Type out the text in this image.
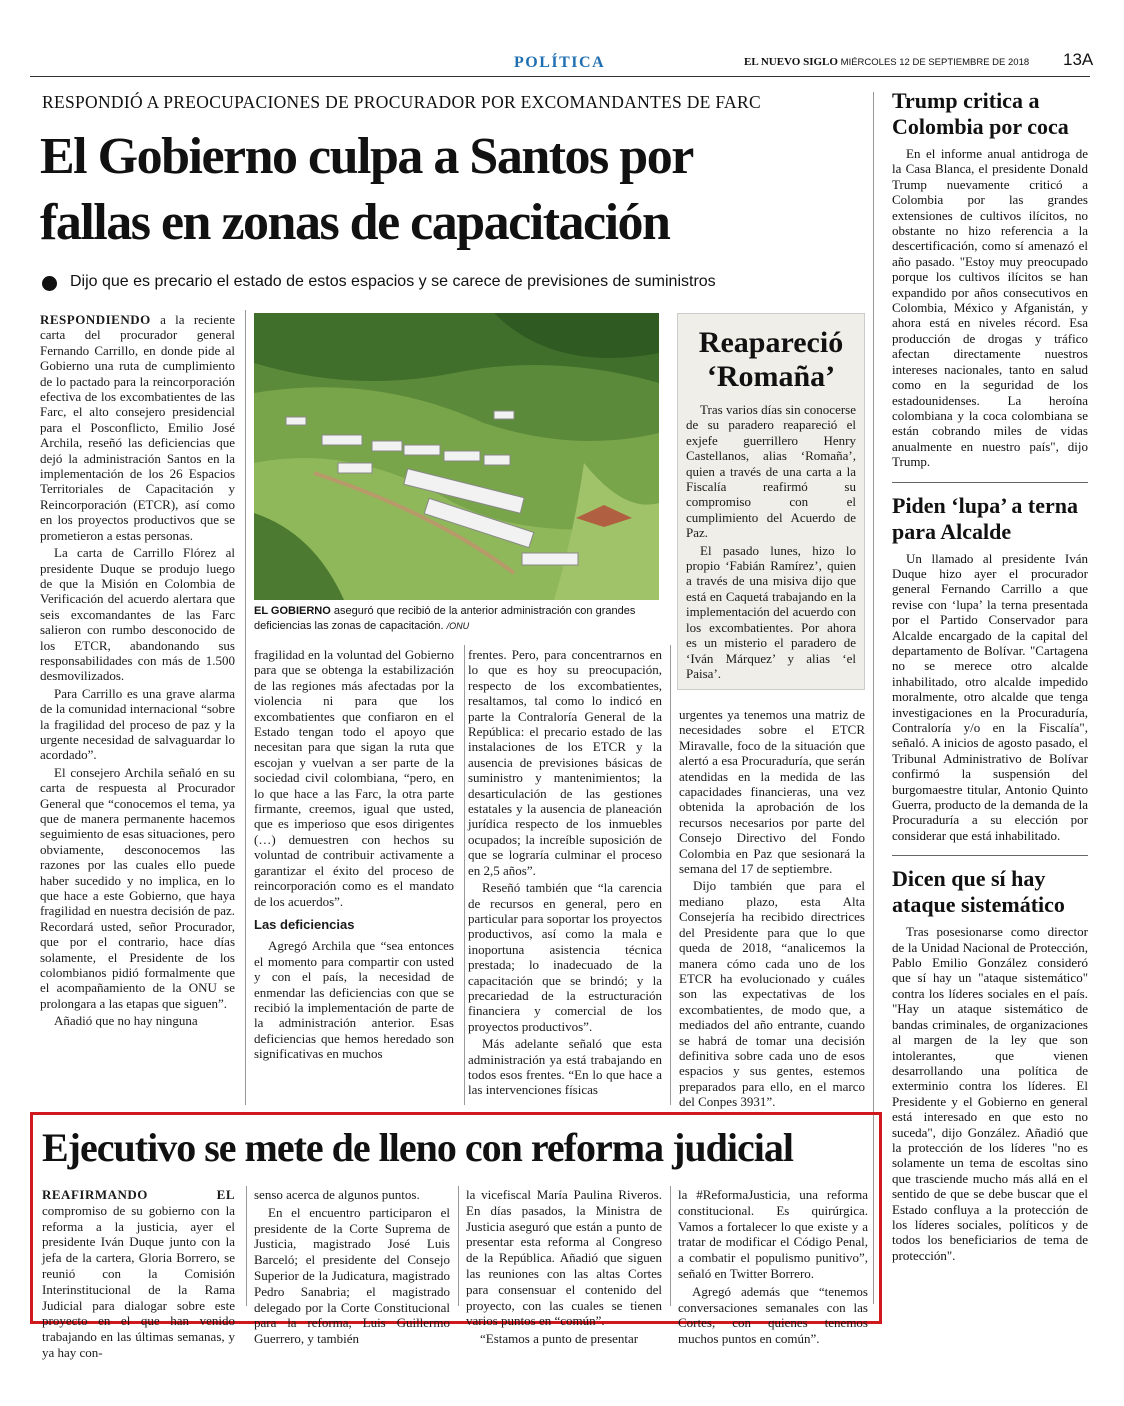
POLÍTICA	EL NUEVO SIGLO MIÉRCOLES 12 DE SEPTIEMBRE DE 2018 13A
RESPONDIÓ A PREOCUPACIONES DE PROCURADOR POR EXCOMANDANTES DE FARC
El Gobierno culpa a Santos por
fallas en zonas de capacitación
Dijo que es precario el estado de estos espacios y se carece de previsiones de suministros

RESPONDIENDO a la reciente carta del procurador general Fernando Carrillo, en donde pide al Gobierno una ruta de cumplimiento de lo pactado para la reincorporación efectiva de los excombatientes de las Farc, el alto consejero presidencial para el Posconflicto, Emilio José Archila, reseñó las deficiencias que dejó la administración Santos en la implementación de los 26 Espacios Territoriales de Capacitación y Reincorporación (ETCR), así como en los proyectos productivos que se prometieron a estas personas.

La carta de Carrillo Flórez al presidente Duque se produjo luego de que la Misión en Colombia de Verificación del acuerdo alertara que seis excomandantes de las Farc salieron con rumbo desconocido de los ETCR, abandonando sus responsabilidades con más de 1.500 desmovilizados.

Para Carrillo es una grave alarma de la comunidad internacional “sobre la fragilidad del proceso de paz y la urgente necesidad de salvaguardar lo acordado”.

El consejero Archila señaló en su carta de respuesta al Procurador General que “conocemos el tema, ya que de manera permanente hacemos seguimiento de esas situaciones, pero obviamente, desconocemos las razones por las cuales ello puede haber sucedido y no implica, en lo que hace a este Gobierno, que haya fragilidad en nuestra decisión de paz. Recordará usted, señor Procurador, que por el contrario, hace días solamente, el Presidente de los colombianos pidió formalmente que el acompañamiento de la ONU se prolongara a las etapas que siguen”.

Añadió que no hay ninguna

EL GOBIERNO aseguró que recibió de la anterior administración con grandes deficiencias las zonas de capacitación. /ONU

fragilidad en la voluntad del Gobierno para que se obtenga la estabilización de las regiones más afectadas por la violencia ni para que los excombatientes que confiaron en el Estado tengan todo el apoyo que necesitan para que sigan la ruta que escojan y vuelvan a ser parte de la sociedad civil colombiana, “pero, en lo que hace a las Farc, la otra parte firmante, creemos, igual que usted, que es imperioso que esos dirigentes (…) demuestren con hechos su voluntad de contribuir activamente a garantizar el éxito del proceso de reincorporación como es el mandato de los acuerdos”.

Las deficiencias

Agregó Archila que “sea entonces el momento para compartir con usted y con el país, la necesidad de enmendar las deficiencias con que se recibió la implementación de parte de la administración anterior. Esas deficiencias que hemos heredado son significativas en muchos

frentes. Pero, para concentrarnos en lo que es hoy su preocupación, respecto de los excombatientes, resaltamos, tal como lo indicó en parte la Contraloría General de la República: el precario estado de las instalaciones de los ETCR y la ausencia de previsiones básicas de suministro y mantenimientos; la desarticulación de las gestiones estatales y la ausencia de planeación jurídica respecto de los inmuebles ocupados; la increíble suposición de que se lograría culminar el proceso en 2,5 años”.

Reseñó también que “la carencia de recursos en general, pero en particular para soportar los proyectos productivos, así como la mala e inoportuna asistencia técnica prestada; lo inadecuado de la capacitación que se brindó; y la precariedad de la estructuración financiera y comercial de los proyectos productivos”.

Más adelante señaló que esta administración ya está trabajando en todos esos frentes. “En lo que hace a las intervenciones físicas

Reapareció
‘Romaña’

Tras varios días sin conocerse de su paradero reapareció el exjefe guerrillero Henry Castellanos, alias ‘Romaña’, quien a través de una carta a la Fiscalía reafirmó su compromiso con el cumplimiento del Acuerdo de Paz.

El pasado lunes, hizo lo propio ‘Fabián Ramírez’, quien a través de una misiva dijo que está en Caquetá trabajando en la implementación del acuerdo con los excombatientes. Por ahora es un misterio el paradero de ‘Iván Márquez’ y alias ‘el Paisa’.

urgentes ya tenemos una matriz de necesidades sobre el ETCR Miravalle, foco de la situación que alertó a esa Procuraduría, que serán atendidas en la medida de las capacidades financieras, una vez obtenida la aprobación de los recursos necesarios por parte del Consejo Directivo del Fondo Colombia en Paz que sesionará la semana del 17 de septiembre.

Dijo también que para el mediano plazo, esta Alta Consejería ha recibido directrices del Presidente para que lo que queda de 2018, “analicemos la manera cómo cada uno de los ETCR ha evolucionado y cuáles son las expectativas de los excombatientes, de modo que, a mediados del año entrante, cuando se habrá de tomar una decisión definitiva sobre cada uno de esos espacios y sus gentes, estemos preparados para ello, en el marco del Conpes 3931”.

Trump critica a Colombia por coca

En el informe anual antidroga de la Casa Blanca, el presidente Donald Trump nuevamente criticó a Colombia por las grandes extensiones de cultivos ilícitos, no obstante no hizo referencia a la descertificación, como sí amenazó el año pasado. "Estoy muy preocupado porque los cultivos ilícitos se han expandido por años consecutivos en Colombia, México y Afganistán, y ahora está en niveles récord. Esa producción de drogas y tráfico afectan directamente nuestros intereses nacionales, tanto en salud como en la seguridad de los estadounidenses. La heroína colombiana y la coca colombiana se están cobrando miles de vidas anualmente en nuestro país", dijo Trump.

Piden ‘lupa’ a terna para Alcalde

Un llamado al presidente Iván Duque hizo ayer el procurador general Fernando Carrillo a que revise con ‘lupa’ la terna presentada por el Partido Conservador para Alcalde encargado de la capital del departamento de Bolívar. "Cartagena no se merece otro alcalde inhabilitado, otro alcalde impedido moralmente, otro alcalde que tenga investigaciones en la Procuraduría, Contraloría y/o en la Fiscalía", señaló. A inicios de agosto pasado, el Tribunal Administrativo de Bolívar confirmó la suspensión del burgomaestre titular, Antonio Quinto Guerra, producto de la demanda de la Procuraduría a su elección por considerar que está inhabilitado.

Dicen que sí hay ataque sistemático

Tras posesionarse como director de la Unidad Nacional de Protección, Pablo Emilio González consideró que sí hay un "ataque sistemático" contra los líderes sociales en el país. "Hay un ataque sistemático de bandas criminales, de organizaciones al margen de la ley que son intolerantes, que vienen desarrollando una política de exterminio contra los líderes. El Presidente y el Gobierno en general está interesado en que esto no suceda", dijo González. Añadió que la protección de los líderes "no es solamente un tema de escoltas sino que trasciende mucho más allá en el sentido de que se debe buscar que el Estado confluya a la protección de los líderes sociales, políticos y de todos los beneficiarios de tema de protección".

Ejecutivo se mete de lleno con reforma judicial

REAFIRMANDO EL compromiso de su gobierno con la reforma a la justicia, ayer el presidente Iván Duque junto con la jefa de la cartera, Gloria Borrero, se reunió con la Comisión Interinstitucional de la Rama Judicial para dialogar sobre este proyecto en el que han venido trabajando en las últimas semanas, y ya hay con-

senso acerca de algunos puntos.

En el encuentro participaron el presidente de la Corte Suprema de Justicia, magistrado José Luis Barceló; el presidente del Consejo Superior de la Judicatura, magistrado Pedro Sanabria; el magistrado delegado por la Corte Constitucional para la reforma, Luis Guillermo Guerrero, y también

la vicefiscal María Paulina Riveros. En días pasados, la Ministra de Justicia aseguró que están a punto de presentar esta reforma al Congreso de la República. Añadió que siguen las reuniones con las altas Cortes para consensuar el contenido del proyecto, con las cuales se tienen varios puntos en “común”.

“Estamos a punto de presentar

la #ReformaJusticia, una reforma constitucional. Es quirúrgica. Vamos a fortalecer lo que existe y a tratar de modificar el Código Penal, a combatir el populismo punitivo”, señaló en Twitter Borrero.

Agregó además que “tenemos conversaciones semanales con las Cortes, con quienes tenemos muchos puntos en común”.
